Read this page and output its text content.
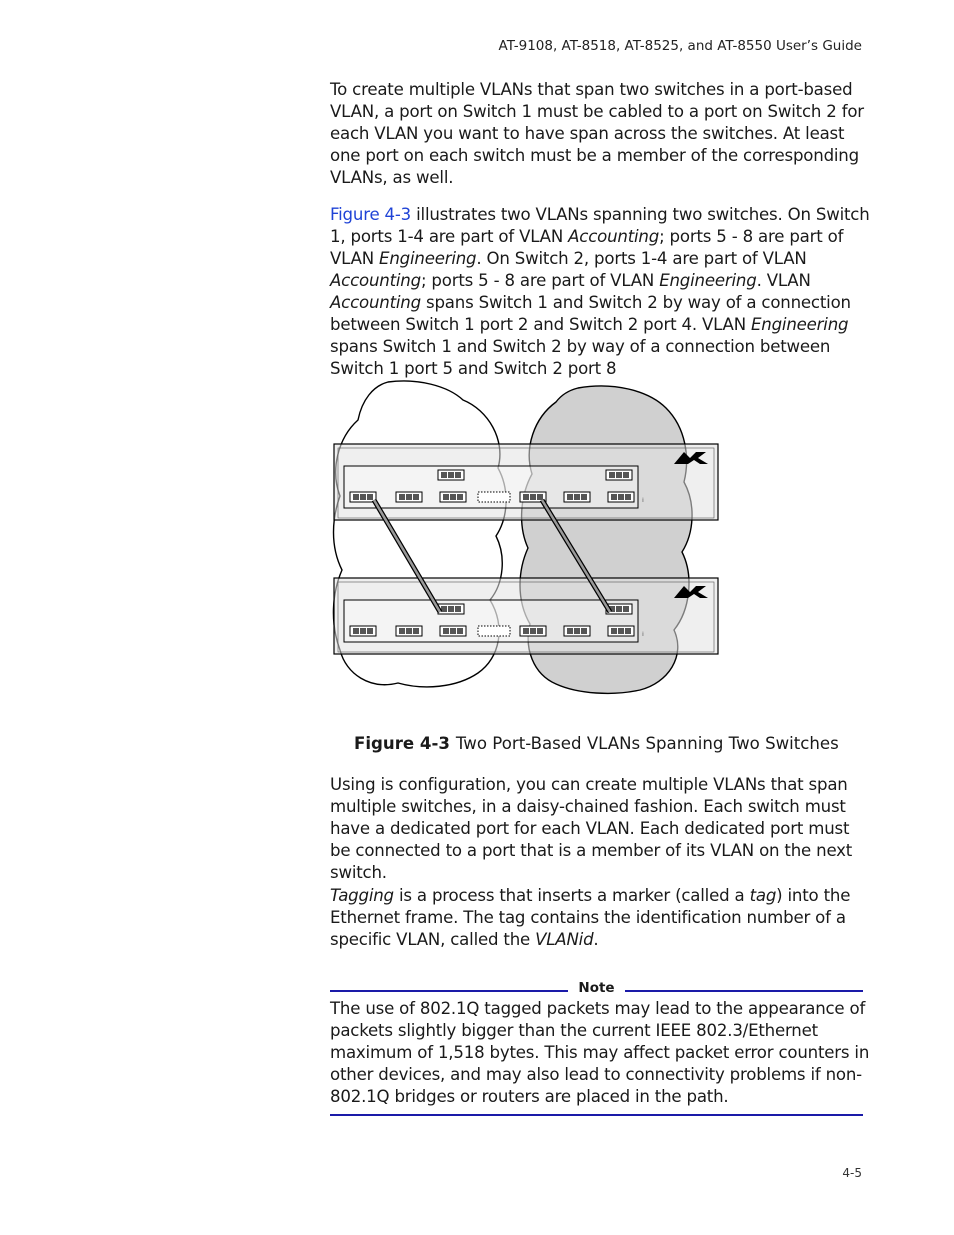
AT-9108, AT-8518, AT-8525, and AT-8550 User’s Guide

To create multiple VLANs that span two switches in a port-based VLAN, a port on Switch 1 must be cabled to a port on Switch 2 for each VLAN you want to have span across the switches. At least one port on each switch must be a member of the corresponding VLANs, as well.

Figure 4-3 illustrates two VLANs spanning two switches. On Switch 1, ports 1-4 are part of VLAN Accounting; ports 5 - 8 are part of VLAN Engineering. On Switch 2, ports 1-4 are part of VLAN Accounting; ports 5 - 8 are part of VLAN Engineering. VLAN Accounting spans Switch 1 and Switch 2 by way of a connection between Switch 1 port 2 and Switch 2 port 4. VLAN Engineering spans Switch 1 and Switch 2 by way of a connection between Switch 1 port 5 and Switch 2 port 8

⁞
⁞
Figure 4-3 Two Port-Based VLANs Spanning Two Switches

Using is configuration, you can create multiple VLANs that span multiple switches, in a daisy-chained fashion. Each switch must have a dedicated port for each VLAN. Each dedicated port must be connected to a port that is a member of its VLAN on the next switch.

Tagging is a process that inserts a marker (called a tag) into the Ethernet frame. The tag contains the identification number of a specific VLAN, called the VLANid.

Note

The use of 802.1Q tagged packets may lead to the appearance of packets slightly bigger than the current IEEE 802.3/Ethernet maximum of 1,518 bytes. This may affect packet error counters in other devices, and may also lead to connectivity problems if non-802.1Q bridges or routers are placed in the path.

4-5
